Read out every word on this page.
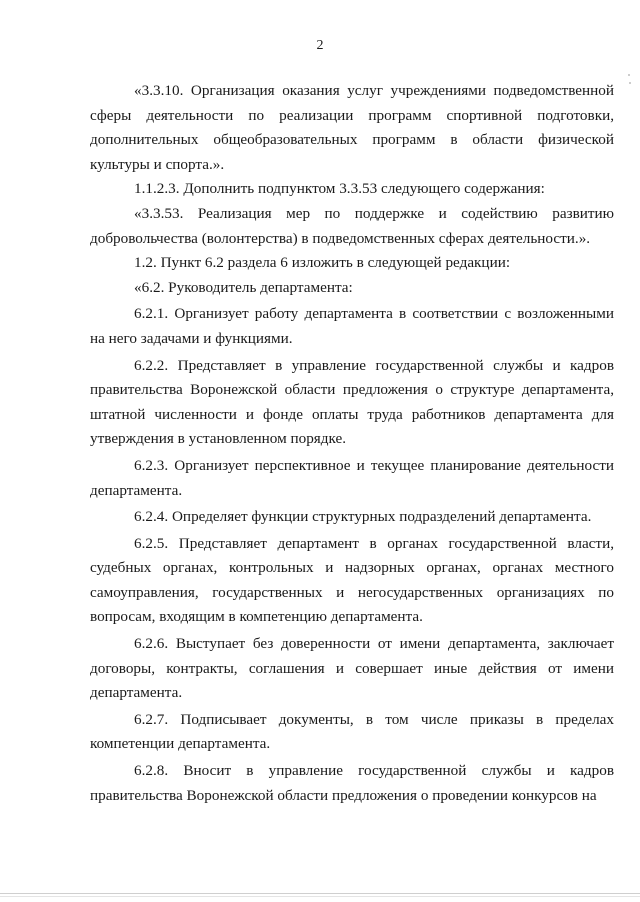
2

«3.3.10. Организация оказания услуг учреждениями подведомственной сферы деятельности по реализации программ спортивной подготовки, дополнительных общеобразовательных программ в области физической культуры и спорта.».

1.1.2.3. Дополнить подпунктом 3.3.53 следующего содержания:

«3.3.53. Реализация мер по поддержке и содействию развитию добровольчества (волонтерства) в подведомственных сферах деятельности.».

1.2. Пункт 6.2 раздела 6 изложить в следующей редакции:

«6.2. Руководитель департамента:

6.2.1. Организует работу департамента в соответствии с возложенными на него задачами и функциями.

6.2.2. Представляет в управление государственной службы и кадров правительства Воронежской области предложения о структуре департамента, штатной численности и фонде оплаты труда работников департамента для утверждения в установленном порядке.

6.2.3. Организует перспективное и текущее планирование деятельности департамента.

6.2.4. Определяет функции структурных подразделений департамента.

6.2.5. Представляет департамент в органах государственной власти, судебных органах, контрольных и надзорных органах, органах местного самоуправления, государственных и негосударственных организациях по вопросам, входящим в компетенцию департамента.

6.2.6. Выступает без доверенности от имени департамента, заключает договоры, контракты, соглашения и совершает иные действия от имени департамента.

6.2.7. Подписывает документы, в том числе приказы в пределах компетенции департамента.

6.2.8. Вносит в управление государственной службы и кадров правительства Воронежской области предложения о проведении конкурсов на
